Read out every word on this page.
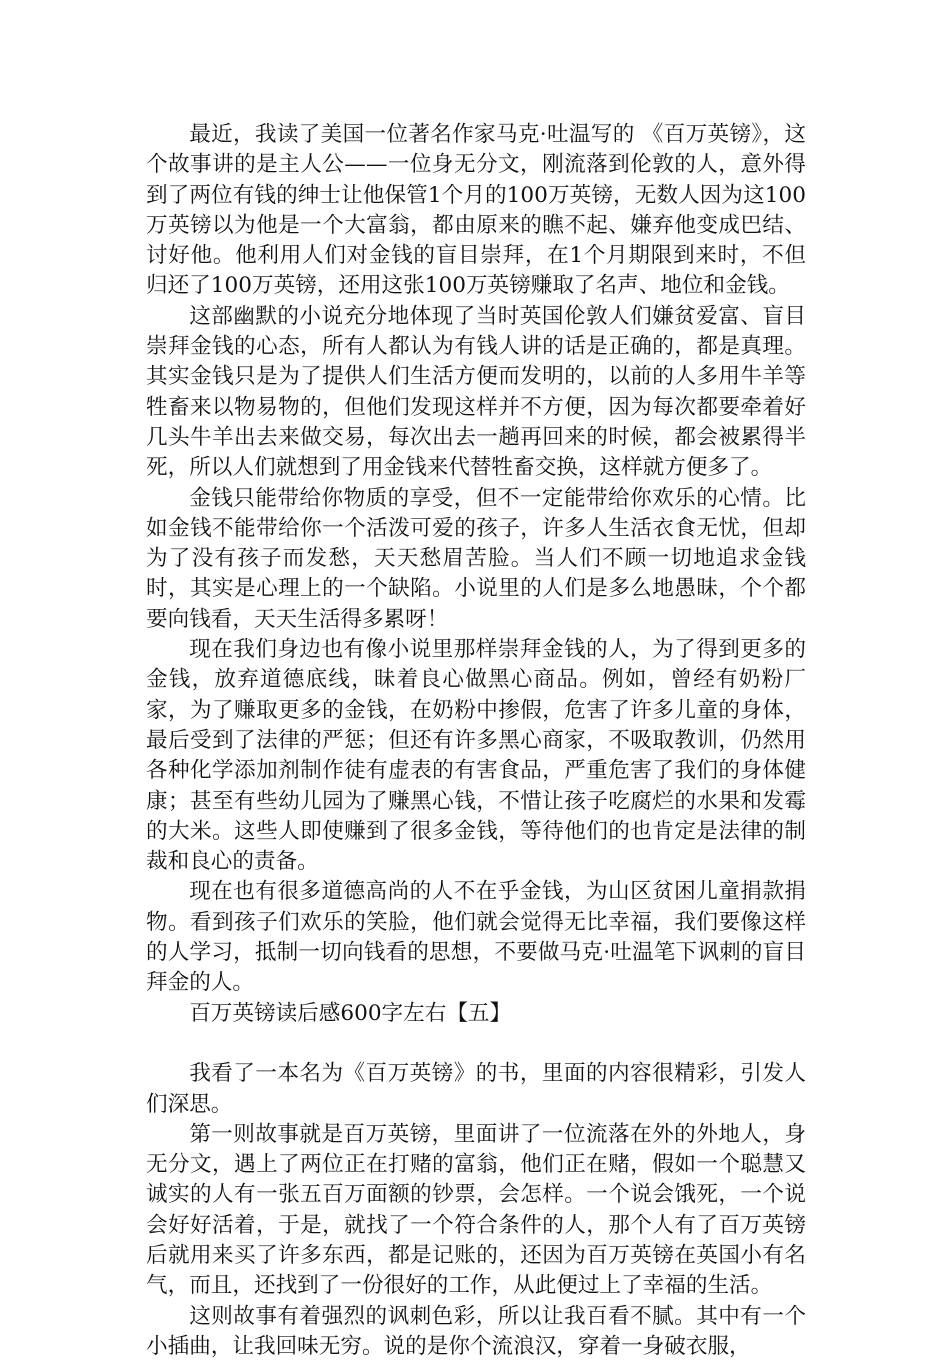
最近，我读了美国一位著名作家马克·吐温写的 《百万英镑》，这个故事讲的是主人公——一位身无分文，刚流落到伦敦的人，意外得到了两位有钱的绅士让他保管1个月的100万英镑，无数人因为这100万英镑以为他是一个大富翁，都由原来的瞧不起、嫌弃他变成巴结、讨好他。他利用人们对金钱的盲目崇拜，在1个月期限到来时，不但归还了100万英镑，还用这张100万英镑赚取了名声、地位和金钱。

这部幽默的小说充分地体现了当时英国伦敦人们嫌贫爱富、盲目崇拜金钱的心态，所有人都认为有钱人讲的话是正确的，都是真理。其实金钱只是为了提供人们生活方便而发明的，以前的人多用牛羊等牲畜来以物易物的，但他们发现这样并不方便，因为每次都要牵着好几头牛羊出去来做交易，每次出去一趟再回来的时候，都会被累得半死，所以人们就想到了用金钱来代替牲畜交换，这样就方便多了。

金钱只能带给你物质的享受，但不一定能带给你欢乐的心情。比如金钱不能带给你一个活泼可爱的孩子，许多人生活衣食无忧，但却为了没有孩子而发愁，天天愁眉苦脸。当人们不顾一切地追求金钱时，其实是心理上的一个缺陷。小说里的人们是多么地愚昧，个个都要向钱看，天天生活得多累呀！

现在我们身边也有像小说里那样崇拜金钱的人，为了得到更多的金钱，放弃道德底线，昧着良心做黑心商品。例如，曾经有奶粉厂家，为了赚取更多的金钱，在奶粉中掺假，危害了许多儿童的身体，最后受到了法律的严惩；但还有许多黑心商家，不吸取教训，仍然用各种化学添加剂制作徒有虚表的有害食品，严重危害了我们的身体健康；甚至有些幼儿园为了赚黑心钱，不惜让孩子吃腐烂的水果和发霉的大米。这些人即使赚到了很多金钱，等待他们的也肯定是法律的制裁和良心的责备。

现在也有很多道德高尚的人不在乎金钱，为山区贫困儿童捐款捐物。看到孩子们欢乐的笑脸，他们就会觉得无比幸福，我们要像这样的人学习，抵制一切向钱看的思想，不要做马克·吐温笔下讽刺的盲目拜金的人。

百万英镑读后感600字左右【五】

我看了一本名为《百万英镑》的书，里面的内容很精彩，引发人们深思。

第一则故事就是百万英镑，里面讲了一位流落在外的外地人，身无分文，遇上了两位正在打赌的富翁，他们正在赌，假如一个聪慧又诚实的人有一张五百万面额的钞票，会怎样。一个说会饿死，一个说会好好活着，于是，就找了一个符合条件的人，那个人有了百万英镑后就用来买了许多东西，都是记账的，还因为百万英镑在英国小有名气，而且，还找到了一份很好的工作，从此便过上了幸福的生活。

这则故事有着强烈的讽刺色彩，所以让我百看不腻。其中有一个小插曲，让我回味无穷。说的是你个流浪汉，穿着一身破衣服，
